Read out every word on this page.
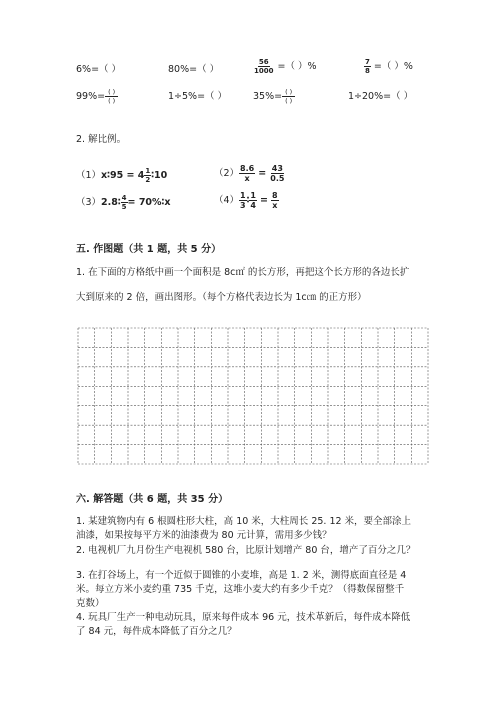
6%=（ ）	80%=（ ）	$\frac{56}{1000}$ =（ ）%	$\frac{7}{8}$ =（ ）%
$99\%= \frac{( )}{( )}$	1÷5%=（ ）	$35\%= \frac{( )}{( )}$	1÷20%=（ ）
2. 解比例。
（1）x∶95 = $4 \frac{1}{2}$ ∶10	$(2) \frac{8.6}{x} = \frac{43}{0.5}$
（3）2.8∶ $\frac{4}{5}$ = 70%∶x	$(4) \frac{1}{3}$ ∶ $\frac{1}{4} = \frac{8}{x}$
五. 作图题（共 1 题，共 5 分）
1. 在下面的方格纸中画一个面积是 8c㎡ 的长方形，再把这个长方形的各边长扩
大到原来的 2 倍，画出图形。（每个方格代表边长为 1c㎝ 的正方形）
六. 解答题（共 6 题，共 35 分）
1. 某建筑物内有 6 根圆柱形大柱，高 10 米，大柱周长 25. 12 米，要全部涂上
油漆，如果按每平方米的油漆费为 80 元计算，需用多少钱？
2. 电视机厂九月份生产电视机 580 台，比原计划增产 80 台，增产了百分之几？
3. 在打谷场上，有一个近似于圆锥的小麦堆，高是 1. 2 米，测得底面直径是 4
米。每立方米小麦约重 735 千克，这堆小麦大约有多少千克？（得数保留整千
克数）
4. 玩具厂生产一种电动玩具，原来每件成本 96 元，技术革新后，每件成本降低
了 84 元，每件成本降低了百分之几？
